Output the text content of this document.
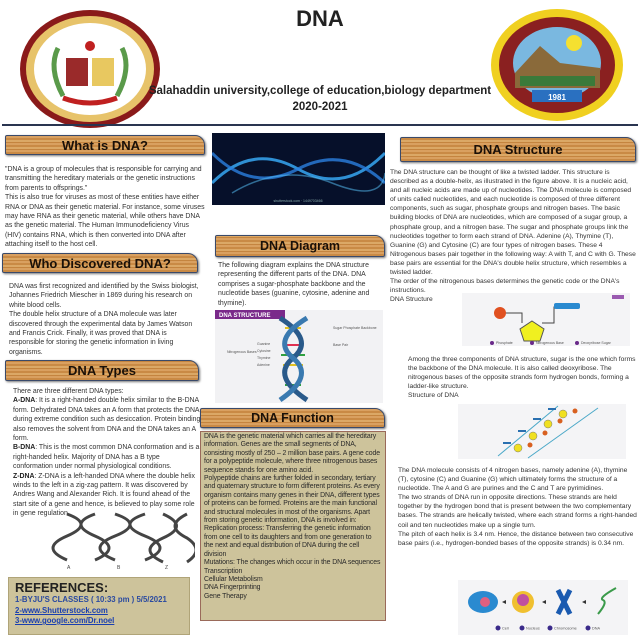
DNA
1981
Salahaddin university,college of education,biology department
2020-2021
What is DNA?
"DNA is a group of molecules that is responsible for carrying and transmitting the hereditary materials or the genetic instructions from parents to offsprings."
This is also true for viruses as most of these entities have either RNA or DNA as their genetic material. For instance, some viruses may have RNA as their genetic material, while others have DNA as the genetic material. The Human Immunodeficiency Virus (HIV) contains RNA, which is then converted into DNA after attaching itself to the host cell.
Who Discovered DNA?
DNA was first recognized and identified by the Swiss biologist, Johannes Friedrich Miescher in 1869 during his research on white blood cells.
The double helix structure of a DNA molecule was later discovered through the experimental data by James Watson and Francis Crick. Finally, it was proved that DNA is responsible for storing the genetic information in living organisms.
DNA Types
There are three different DNA types:
A-DNA: It is a right-handed double helix similar to the B-DNA form. Dehydrated DNA takes an A form that protects the DNA during extreme condition such as desiccation. Protein binding also removes the solvent from DNA and the DNA takes an A form.
B-DNA: This is the most common DNA conformation and is a right-handed helix. Majority of DNA has a B type conformation under normal physiological conditions.
Z-DNA: Z-DNA is a left-handed DNA where the double helix winds to the left in a zig-zag pattern. It was discovered by Andres Wang and Alexander Rich. It is found ahead of the start site of a gene and hence, is believed to play some role in gene regulation.
A	B	Z
REFERENCES:
1-BYJU'S CLASSES ( 10:33 pm ) 5/5/2021
2-www.Shutterstock.com
3-www.google.com/Dr.noel
shutterstock.com · 1449703466
DNA Diagram
The following diagram explains the DNA structure representing the different parts of the DNA. DNA comprises a sugar-phosphate backbone and the nucleotide bases (guanine, cytosine, adenine and thymine).
DNA STRUCTURE
Sugar Phosphate Backbone
Base Pair
Nitrogenous Bases
Guanine
Cytosine
Thymine
Adenine
DNA Function
DNA is the genetic material which carries all the hereditary information. Genes are the small segments of DNA, consisting mostly of 250 – 2 million base pairs. A gene code for a polypeptide molecule, where three nitrogenous bases sequence stands for one amino acid.
Polypeptide chains are further folded in secondary, tertiary and quaternary structure to form different proteins. As every organism contains many genes in their DNA, different types of proteins can be formed. Proteins are the main functional and structural molecules in most of the organisms. Apart from storing genetic information, DNA is involved in:
Replication process: Transferring the genetic information from one cell to its daughters and from one generation to the next and equal distribution of DNA during the cell division
Mutations: The changes which occur in the DNA sequences
Transcription
Cellular Metabolism
DNA Fingerprinting
Gene Therapy
DNA Structure
The DNA structure can be thought of like a twisted ladder. This structure is described as a double-helix, as illustrated in the figure above. It is a nucleic acid, and all nucleic acids are made up of nucleotides. The DNA molecule is composed of units called nucleotides, and each nucleotide is composed of three different components, such as sugar, phosphate groups and nitrogen bases. The basic building blocks of DNA are nucleotides, which are composed of a sugar group, a phosphate group, and a nitrogen base. The sugar and phosphate groups link the nucleotides together to form each strand of DNA. Adenine (A), Thymine (T), Guanine (G) and Cytosine (C) are four types of nitrogen bases. These 4 Nitrogenous bases pair together in the following way: A with T, and C with G. These base pairs are essential for the DNA's double helix structure, which resembles a twisted ladder.
The order of the nitrogenous bases determines the genetic code or the DNA's instructions.
DNA Structure
Phosphate	Nitrogenous Base	Deoxyribose Sugar
Among the three components of DNA structure, sugar is the one which forms the backbone of the DNA molecule. It is also called deoxyribose. The nitrogenous bases of the opposite strands form hydrogen bonds, forming a ladder-like structure.
Structure of DNA
The DNA molecule consists of 4 nitrogen bases, namely adenine (A), thymine (T), cytosine (C) and Guanine (G) which ultimately forms the structure of a nucleotide. The A and G are purines and the C and T are pyrimidines.
The two strands of DNA run in opposite directions. These strands are held together by the hydrogen bond that is present between the two complementary bases. The strands are helically twisted, where each strand forms a right-handed coil and ten nucleotides make up a single turn.
The pitch of each helix is 3.4 nm. Hence, the distance between two consecutive base pairs (i.e., hydrogen-bonded bases of the opposite strands) is 0.34 nm.
Cell	Nucleus	Chromosome	DNA
